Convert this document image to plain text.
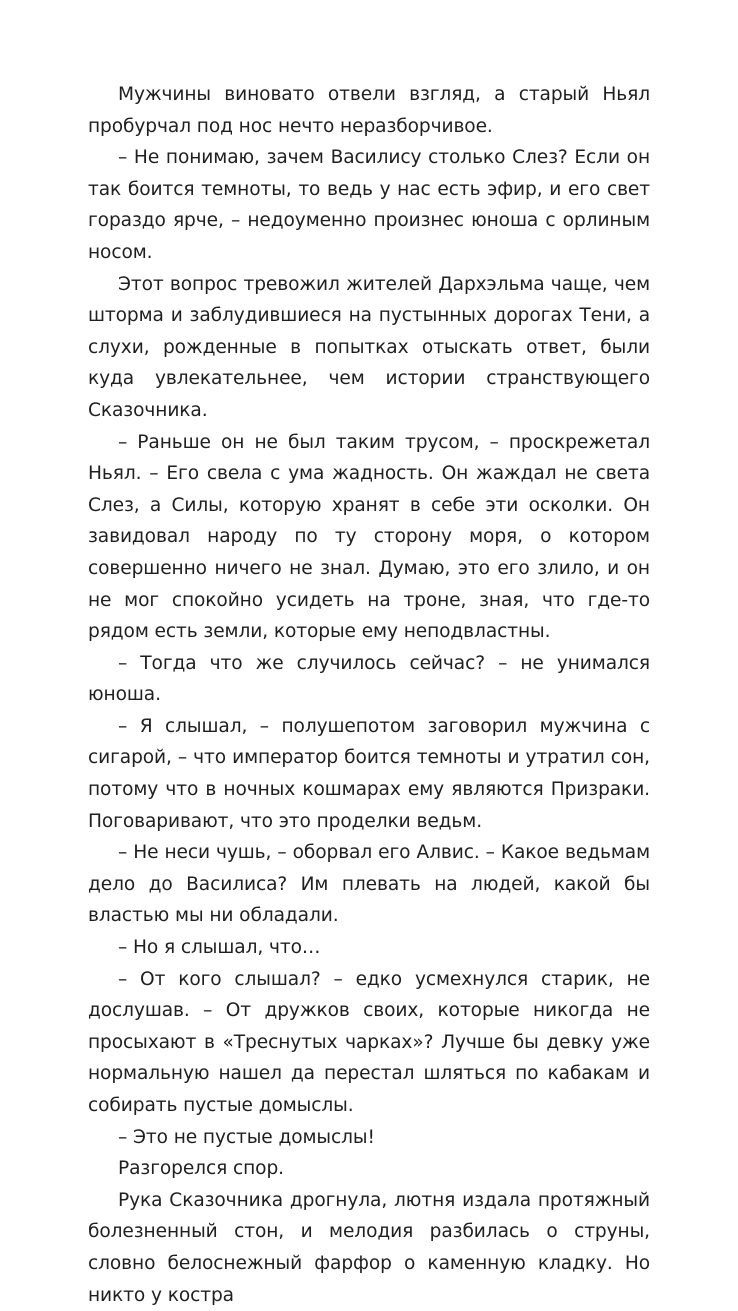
Мужчины виновато отвели взгляд, а старый Ньял пробурчал под нос нечто неразборчивое.

– Не понимаю, зачем Василису столько Слез? Если он так боится темноты, то ведь у нас есть эфир, и его свет гораздо ярче, – недоуменно произнес юноша с орлиным носом.

Этот вопрос тревожил жителей Дархэльма чаще, чем шторма и заблудившиеся на пустынных дорогах Тени, а слухи, рожденные в попытках отыскать ответ, были куда увлекательнее, чем истории странствующего Сказочника.

– Раньше он не был таким трусом, – проскрежетал Ньял. – Его свела с ума жадность. Он жаждал не света Слез, а Силы, которую хранят в себе эти осколки. Он завидовал народу по ту сторону моря, о котором совершенно ничего не знал. Думаю, это его злило, и он не мог спокойно усидеть на троне, зная, что где-то рядом есть земли, которые ему неподвластны.

– Тогда что же случилось сейчас? – не унимался юноша.

– Я слышал, – полушепотом заговорил мужчина с сигарой, – что император боится темноты и утратил сон, потому что в ночных кошмарах ему являются Призраки. Поговаривают, что это проделки ведьм.

– Не неси чушь, – оборвал его Алвис. – Какое ведьмам дело до Василиса? Им плевать на людей, какой бы властью мы ни обладали.

– Но я слышал, что…

– От кого слышал? – едко усмехнулся старик, не дослушав. – От дружков своих, которые никогда не просыхают в «Треснутых чарках»? Лучше бы девку уже нормальную нашел да перестал шляться по кабакам и собирать пустые домыслы.

– Это не пустые домыслы!

Разгорелся спор.

Рука Сказочника дрогнула, лютня издала протяжный болезненный стон, и мелодия разбилась о струны, словно белоснежный фарфор о каменную кладку. Но никто у костра
